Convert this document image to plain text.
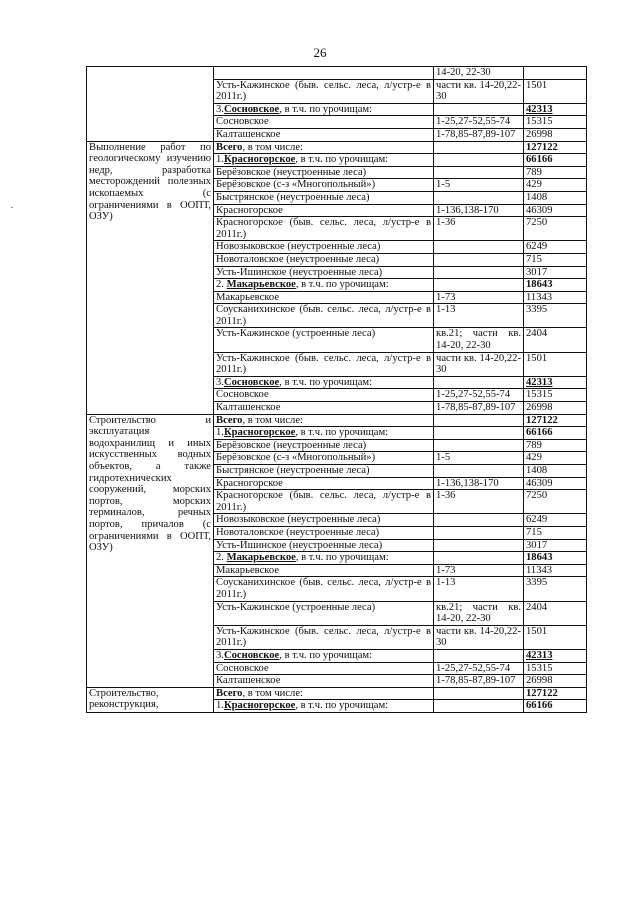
26
·
		14-20, 22-30	
	Усть-Кажинское (быв. сельс. леса, л/устр-е в 2011г.)	части кв. 14-20,22-30	1501
	3.Сосновское, в т.ч. по урочищам:		42313
	Сосновское	1-25,27-52,55-74	15315
	Калташенское	1-78,85-87,89-107	26998
Выполнение работ по геологическому изучению недр, разработка месторождений полезных ископаемых (с ограничениями в ООПТ, ОЗУ)	Всего, в том числе:		127122
	1.Красногорское, в т.ч. по урочищам:		66166
	Берёзовское (неустроенные леса)		789
	Берёзовское (с-з «Многопольный»)	1-5	429
	Быстрянское (неустроенные леса)		1408
	Красногорское	1-136,138-170	46309
	Красногорское (быв. сельс. леса, л/устр-е в 2011г.)	1-36	7250
	Новозыковское (неустроенные леса)		6249
	Новоталовское (неустроенные леса)		715
	Усть-Ишинское (неустроенные леса)		3017
	2. Макарьевское, в т.ч. по урочищам:		18643
	Макарьевское	1-73	11343
	Соусканихинское (быв. сельс. леса, л/устр-е в 2011г.)	1-13	3395
	Усть-Кажинское (устроенные леса)	кв.21; части кв. 14-20, 22-30	2404
	Усть-Кажинское (быв. сельс. леса, л/устр-е в 2011г.)	части кв. 14-20,22-30	1501
	3.Сосновское, в т.ч. по урочищам:		42313
	Сосновское	1-25,27-52,55-74	15315
	Калташенское	1-78,85-87,89-107	26998
Строительство и эксплуатация водохранилищ и иных искусственных водных объектов, а также гидротехнических сооружений, морских портов, морских терминалов, речных портов, причалов (с ограничениями в ООПТ, ОЗУ)	Всего, в том числе:		127122
	1.Красногорское, в т.ч. по урочищам:		66166
	Берёзовское (неустроенные леса)		789
	Берёзовское (с-з «Многопольный»)	1-5	429
	Быстрянское (неустроенные леса)		1408
	Красногорское	1-136,138-170	46309
	Красногорское (быв. сельс. леса, л/устр-е в 2011г.)	1-36	7250
	Новозыковское (неустроенные леса)		6249
	Новоталовское (неустроенные леса)		715
	Усть-Ишинское (неустроенные леса)		3017
	2. Макарьевское, в т.ч. по урочищам:		18643
	Макарьевское	1-73	11343
	Соусканихинское (быв. сельс. леса, л/устр-е в 2011г.)	1-13	3395
	Усть-Кажинское (устроенные леса)	кв.21; части кв. 14-20, 22-30	2404
	Усть-Кажинское (быв. сельс. леса, л/устр-е в 2011г.)	части кв. 14-20,22-30	1501
	3.Сосновское, в т.ч. по урочищам:		42313
	Сосновское	1-25,27-52,55-74	15315
	Калташенское	1-78,85-87,89-107	26998
Строительство, реконструкция,	Всего, в том числе:		127122
	1.Красногорское, в т.ч. по урочищам:		66166
